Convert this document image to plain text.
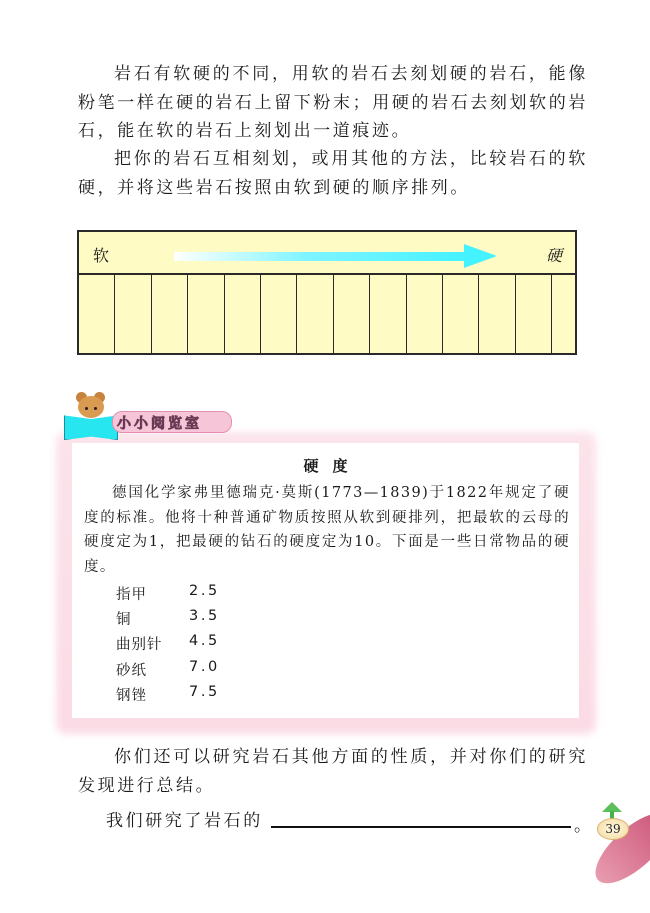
岩石有软硬的不同，用软的岩石去刻划硬的岩石，能像粉笔一样在硬的岩石上留下粉末；用硬的岩石去刻划软的岩石，能在软的岩石上刻划出一道痕迹。
把你的岩石互相刻划，或用其他的方法，比较岩石的软硬，并将这些岩石按照由软到硬的顺序排列。
软	硬
小小阅览室
硬度
德国化学家弗里德瑞克·莫斯(1773—1839)于1822年规定了硬度的标准。他将十种普通矿物质按照从软到硬排列，把最软的云母的硬度定为1，把最硬的钻石的硬度定为10。下面是一些日常物品的硬度。
指甲	2.5
铜	3.5
曲别针	4.5
砂纸	7.0
钢锉	7.5
你们还可以研究岩石其他方面的性质，并对你们的研究发现进行总结。
我们研究了岩石的	。	39
